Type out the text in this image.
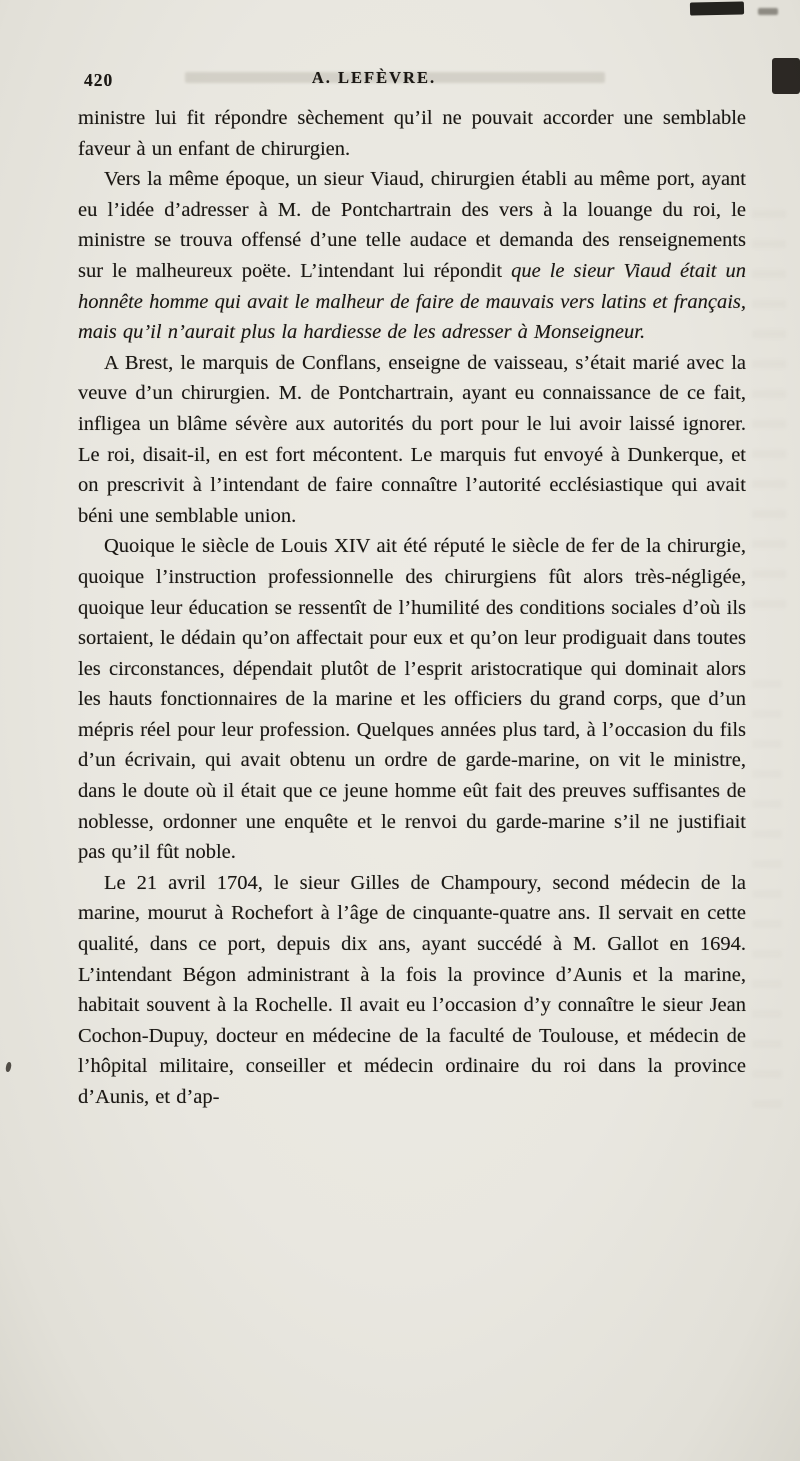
420	A. LEFÈVRE.

ministre lui fit répondre sèchement qu’il ne pouvait accorder une semblable faveur à un enfant de chirurgien.

Vers la même époque, un sieur Viaud, chirurgien établi au même port, ayant eu l’idée d’adresser à M. de Pontchartrain des vers à la louange du roi, le ministre se trouva offensé d’une telle audace et demanda des renseignements sur le malheureux poëte. L’intendant lui répondit que le sieur Viaud était un honnête homme qui avait le malheur de faire de mauvais vers latins et français, mais qu’il n’aurait plus la hardiesse de les adresser à Monseigneur.

A Brest, le marquis de Conflans, enseigne de vaisseau, s’était marié avec la veuve d’un chirurgien. M. de Pontchartrain, ayant eu connaissance de ce fait, infligea un blâme sévère aux autorités du port pour le lui avoir laissé ignorer. Le roi, disait-il, en est fort mécontent. Le marquis fut envoyé à Dunkerque, et on prescrivit à l’intendant de faire connaître l’autorité ecclésiastique qui avait béni une semblable union.

Quoique le siècle de Louis XIV ait été réputé le siècle de fer de la chirurgie, quoique l’instruction professionnelle des chirurgiens fût alors très-négligée, quoique leur éducation se ressentît de l’humilité des conditions sociales d’où ils sortaient, le dédain qu’on affectait pour eux et qu’on leur prodiguait dans toutes les circonstances, dépendait plutôt de l’esprit aristocratique qui dominait alors les hauts fonctionnaires de la marine et les officiers du grand corps, que d’un mépris réel pour leur profession. Quelques années plus tard, à l’occasion du fils d’un écrivain, qui avait obtenu un ordre de garde-marine, on vit le ministre, dans le doute où il était que ce jeune homme eût fait des preuves suffisantes de noblesse, ordonner une enquête et le renvoi du garde-marine s’il ne justifiait pas qu’il fût noble.

Le 21 avril 1704, le sieur Gilles de Champoury, second médecin de la marine, mourut à Rochefort à l’âge de cinquante-quatre ans. Il servait en cette qualité, dans ce port, depuis dix ans, ayant succédé à M. Gallot en 1694. L’intendant Bégon administrant à la fois la province d’Aunis et la marine, habitait souvent à la Rochelle. Il avait eu l’occasion d’y connaître le sieur Jean Cochon-Dupuy, docteur en médecine de la faculté de Toulouse, et médecin de l’hôpital militaire, conseiller et médecin ordinaire du roi dans la province d’Aunis, et d’ap-
